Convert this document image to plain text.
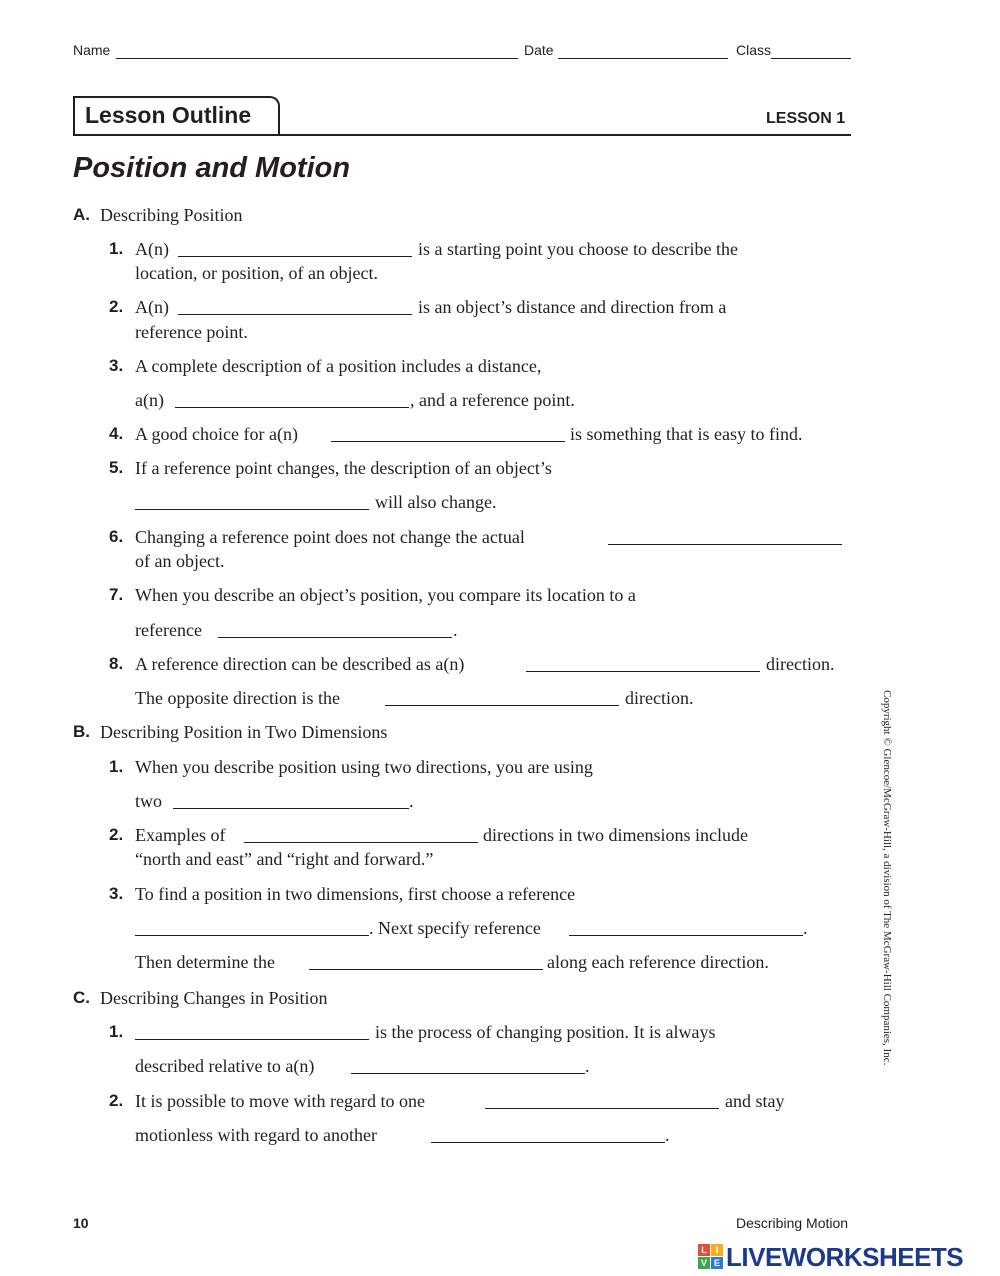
Name	Date	Class
Lesson Outline	LESSON 1
Position and Motion
A. Describing Position
1. A(n)	is a starting point you choose to describe the
location, or position, of an object.
2. A(n)	is an object’s distance and direction from a
reference point.
3. A complete description of a position includes a distance,
a(n)	, and a reference point.
4. A good choice for a(n)	is something that is easy to find.
5. If a reference point changes, the description of an object’s
will also change.
6. Changing a reference point does not change the actual
of an object.
7. When you describe an object’s position, you compare its location to a
reference	.
8. A reference direction can be described as a(n)	direction.
The opposite direction is the	direction.
B. Describing Position in Two Dimensions
1. When you describe position using two directions, you are using
two	.
2. Examples of	directions in two dimensions include
“north and east” and “right and forward.”
3. To find a position in two dimensions, first choose a reference
. Next specify reference	.
Then determine the	along each reference direction.
C. Describing Changes in Position
1.	is the process of changing position. It is always
described relative to a(n)	.
2. It is possible to move with regard to one	and stay
motionless with regard to another	.
Copyright © Glencoe/McGraw-Hill, a division of The McGraw-Hill Companies, Inc.
10	Describing Motion
L I
V E LIVEWORKSHEETS
